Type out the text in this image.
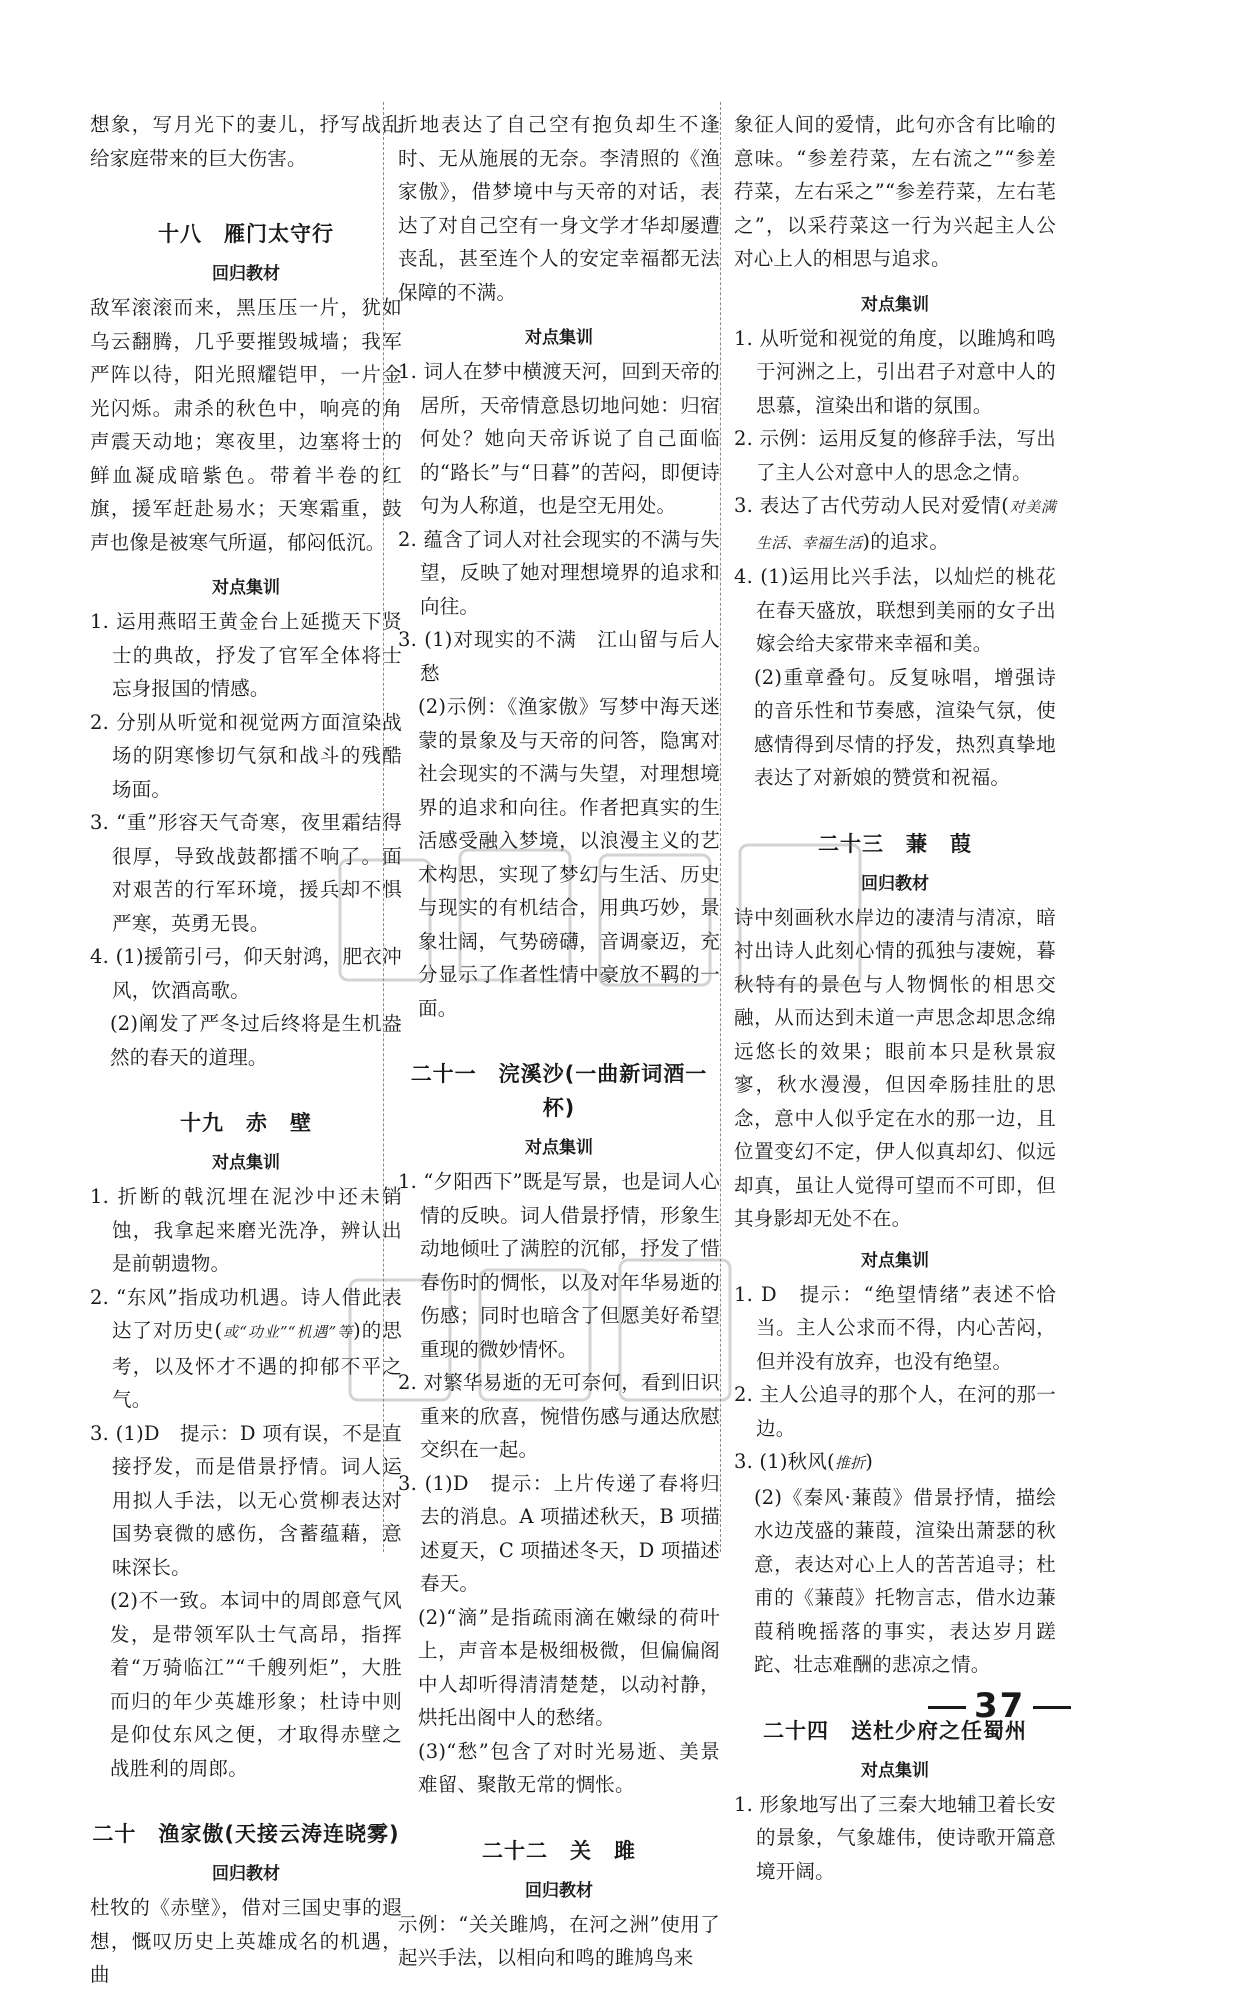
想象，写月光下的妻儿，抒写战乱给家庭带来的巨大伤害。

十八　雁门太守行
回归教材

敌军滚滚而来，黑压压一片，犹如乌云翻腾，几乎要摧毁城墙；我军严阵以待，阳光照耀铠甲，一片金光闪烁。肃杀的秋色中，响亮的角声震天动地；寒夜里，边塞将士的鲜血凝成暗紫色。带着半卷的红旗，援军赶赴易水；天寒霜重，鼓声也像是被寒气所逼，郁闷低沉。

对点集训

1. 运用燕昭王黄金台上延揽天下贤士的典故，抒发了官军全体将士忘身报国的情感。

2. 分别从听觉和视觉两方面渲染战场的阴寒惨切气氛和战斗的残酷场面。

3. “重”形容天气奇寒，夜里霜结得很厚，导致战鼓都擂不响了。面对艰苦的行军环境，援兵却不惧严寒，英勇无畏。

4. (1)援箭引弓，仰天射鸿，肥衣冲风，饮酒高歌。

(2)阐发了严冬过后终将是生机盎然的春天的道理。

十九　赤　壁
对点集训

1. 折断的戟沉埋在泥沙中还未销蚀，我拿起来磨光洗净，辨认出是前朝遗物。

2. “东风”指成功机遇。诗人借此表达了对历史(或“功业”“机遇”等)的思考，以及怀才不遇的抑郁不平之气。

3. (1)D　提示：D 项有误，不是直接抒发，而是借景抒情。词人运用拟人手法，以无心赏柳表达对国势衰微的感伤，含蓄蕴藉，意味深长。

(2)不一致。本词中的周郎意气风发，是带领军队士气高昂，指挥着“万骑临江”“千艘列炬”，大胜而归的年少英雄形象；杜诗中则是仰仗东风之便，才取得赤壁之战胜利的周郎。

二十　渔家傲(天接云涛连晓雾)
回归教材

杜牧的《赤壁》，借对三国史事的遐想，慨叹历史上英雄成名的机遇，曲

折地表达了自己空有抱负却生不逢时、无从施展的无奈。李清照的《渔家傲》，借梦境中与天帝的对话，表达了对自己空有一身文学才华却屡遭丧乱，甚至连个人的安定幸福都无法保障的不满。

对点集训

1. 词人在梦中横渡天河，回到天帝的居所，天帝情意恳切地问她：归宿何处？她向天帝诉说了自己面临的“路长”与“日暮”的苦闷，即便诗句为人称道，也是空无用处。

2. 蕴含了词人对社会现实的不满与失望，反映了她对理想境界的追求和向往。

3. (1)对现实的不满　江山留与后人愁

(2)示例：《渔家傲》写梦中海天迷蒙的景象及与天帝的问答，隐寓对社会现实的不满与失望，对理想境界的追求和向往。作者把真实的生活感受融入梦境，以浪漫主义的艺术构思，实现了梦幻与生活、历史与现实的有机结合，用典巧妙，景象壮阔，气势磅礴，音调豪迈，充分显示了作者性情中豪放不羁的一面。

二十一　浣溪沙(一曲新词酒一杯)
对点集训

1. “夕阳西下”既是写景，也是词人心情的反映。词人借景抒情，形象生动地倾吐了满腔的沉郁，抒发了惜春伤时的惆怅，以及对年华易逝的伤感；同时也暗含了但愿美好希望重现的微妙情怀。

2. 对繁华易逝的无可奈何，看到旧识重来的欣喜，惋惜伤感与通达欣慰交织在一起。

3. (1)D　提示：上片传递了春将归去的消息。A 项描述秋天，B 项描述夏天，C 项描述冬天，D 项描述春天。

(2)“滴”是指疏雨滴在嫩绿的荷叶上，声音本是极细极微，但偏偏阁中人却听得清清楚楚，以动衬静，烘托出阁中人的愁绪。

(3)“愁”包含了对时光易逝、美景难留、聚散无常的惆怅。

二十二　关　雎
回归教材

示例：“关关雎鸠，在河之洲”使用了起兴手法，以相向和鸣的雎鸠鸟来

象征人间的爱情，此句亦含有比喻的意味。“参差荇菜，左右流之”“参差荇菜，左右采之”“参差荇菜，左右芼之”，以采荇菜这一行为兴起主人公对心上人的相思与追求。

对点集训

1. 从听觉和视觉的角度，以雎鸠和鸣于河洲之上，引出君子对意中人的思慕，渲染出和谐的氛围。

2. 示例：运用反复的修辞手法，写出了主人公对意中人的思念之情。

3. 表达了古代劳动人民对爱情(对美满生活、幸福生活)的追求。

4. (1)运用比兴手法，以灿烂的桃花在春天盛放，联想到美丽的女子出嫁会给夫家带来幸福和美。

(2)重章叠句。反复咏唱，增强诗的音乐性和节奏感，渲染气氛，使感情得到尽情的抒发，热烈真挚地表达了对新娘的赞赏和祝福。

二十三　蒹　葭
回归教材

诗中刻画秋水岸边的凄清与清凉，暗衬出诗人此刻心情的孤独与凄婉，暮秋特有的景色与人物惆怅的相思交融，从而达到未道一声思念却思念绵远悠长的效果；眼前本只是秋景寂寥，秋水漫漫，但因牵肠挂肚的思念，意中人似乎定在水的那一边，且位置变幻不定，伊人似真却幻、似远却真，虽让人觉得可望而不可即，但其身影却无处不在。

对点集训

1. D　提示：“绝望情绪”表述不恰当。主人公求而不得，内心苦闷，但并没有放弃，也没有绝望。

2. 主人公追寻的那个人，在河的那一边。

3. (1)秋风(推折)

(2)《秦风·蒹葭》借景抒情，描绘水边茂盛的蒹葭，渲染出萧瑟的秋意，表达对心上人的苦苦追寻；杜甫的《蒹葭》托物言志，借水边蒹葭稍晚摇落的事实，表达岁月蹉跎、壮志难酬的悲凉之情。

二十四　送杜少府之任蜀州
对点集训

1. 形象地写出了三秦大地辅卫着长安的景象，气象雄伟，使诗歌开篇意境开阔。

37
